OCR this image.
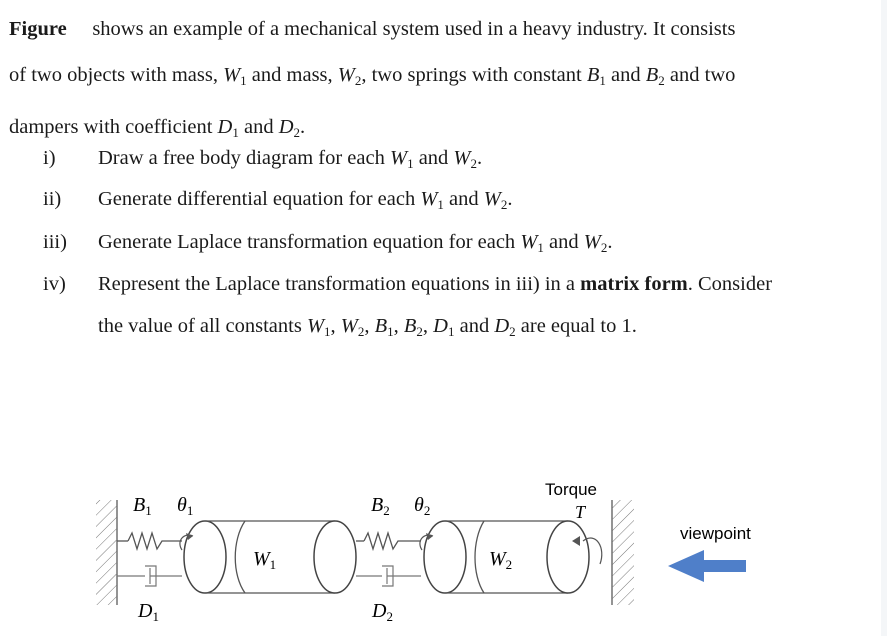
Figure shows an example of a mechanical system used in a heavy industry. It consists
of two objects with mass, $W_1$ and mass, $W_2$, two springs with constant $B_1$ and $B_2$ and two
dampers with coefficient $D_1$ and $D_2$.
i) Draw a free body diagram for each $W_1$ and $W_2$.
ii) Generate differential equation for each $W_1$ and $W_2$.
iii) Generate Laplace transformation equation for each $W_1$ and $W_2$.
iv) Represent the Laplace transformation equations in iii) in a matrix form. Consider
the value of all constants $W_1$, $W_2$, $B_1$, $B_2$, $D_1$ and $D_2$ are equal to 1.
$B_1$ $\theta_1$
$D_1$
$W_1$
$B_2$ $\theta_2$
$D_2$
$W_2$
Torque
T
viewpoint
